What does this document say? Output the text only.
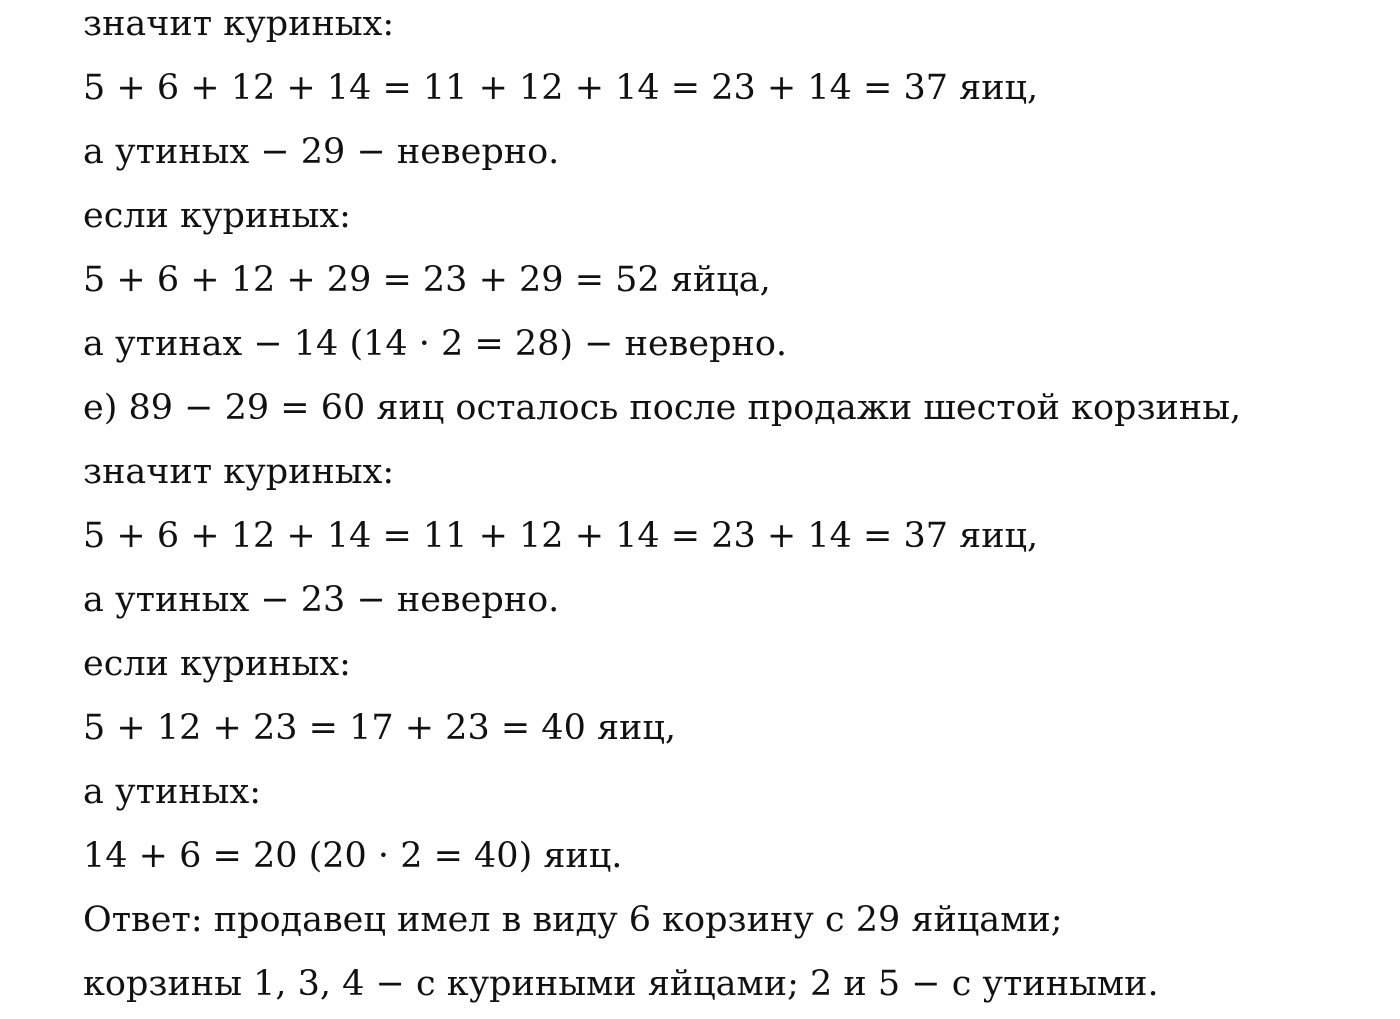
значит куриных:
5 + 6 + 12 + 14 = 11 + 12 + 14 = 23 + 14 = 37 яиц,
а утиных − 29 − неверно.
если куриных:
5 + 6 + 12 + 29 = 23 + 29 = 52 яйца,
а утинах − 14 (14 · 2 = 28) − неверно.
е) 89 − 29 = 60 яиц осталось после продажи шестой корзины,
значит куриных:
5 + 6 + 12 + 14 = 11 + 12 + 14 = 23 + 14 = 37 яиц,
а утиных − 23 − неверно.
если куриных:
5 + 12 + 23 = 17 + 23 = 40 яиц,
а утиных:
14 + 6 = 20 (20 · 2 = 40) яиц.
Ответ: продавец имел в виду 6 корзину с 29 яйцами;
корзины 1, 3, 4 − с куриными яйцами; 2 и 5 − с утиными.
